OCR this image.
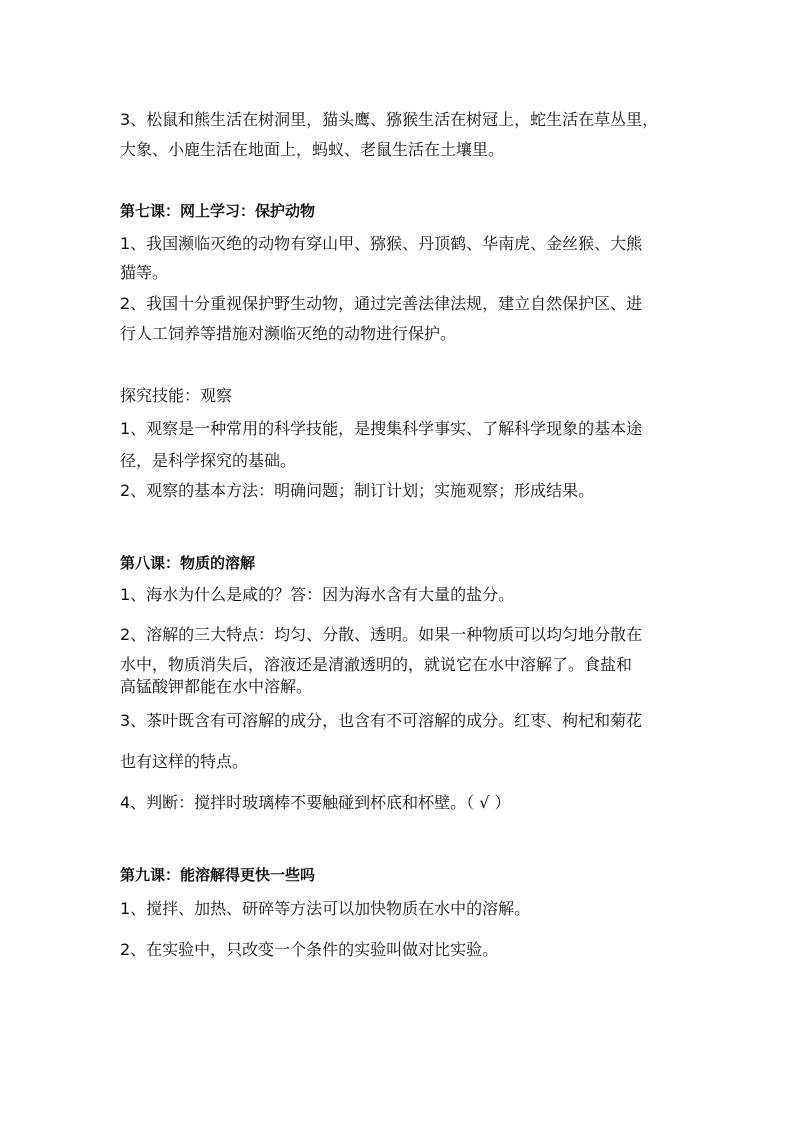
3、松鼠和熊生活在树洞里，猫头鹰、猕猴生活在树冠上，蛇生活在草丛里，
大象、小鹿生活在地面上，蚂蚁、老鼠生活在土壤里。
第七课：网上学习：保护动物
1、我国濒临灭绝的动物有穿山甲、猕猴、丹顶鹤、华南虎、金丝猴、大熊
猫等。
2、我国十分重视保护野生动物，通过完善法律法规，建立自然保护区、进
行人工饲养等措施对濒临灭绝的动物进行保护。
探究技能：观察
1、观察是一种常用的科学技能，是搜集科学事实、了解科学现象的基本途
径，是科学探究的基础。
2、观察的基本方法：明确问题；制订计划；实施观察；形成结果。
第八课：物质的溶解
1、海水为什么是咸的？答：因为海水含有大量的盐分。
2、溶解的三大特点：均匀、分散、透明。如果一种物质可以均匀地分散在
水中，物质消失后，溶液还是清澈透明的，就说它在水中溶解了。食盐和
高锰酸钾都能在水中溶解。
3、茶叶既含有可溶解的成分，也含有不可溶解的成分。红枣、枸杞和菊花
也有这样的特点。
4、判断：搅拌时玻璃棒不要触碰到杯底和杯壁。（ √ ）
第九课：能溶解得更快一些吗
1、搅拌、加热、研碎等方法可以加快物质在水中的溶解。
2、在实验中，只改变一个条件的实验叫做对比实验。
